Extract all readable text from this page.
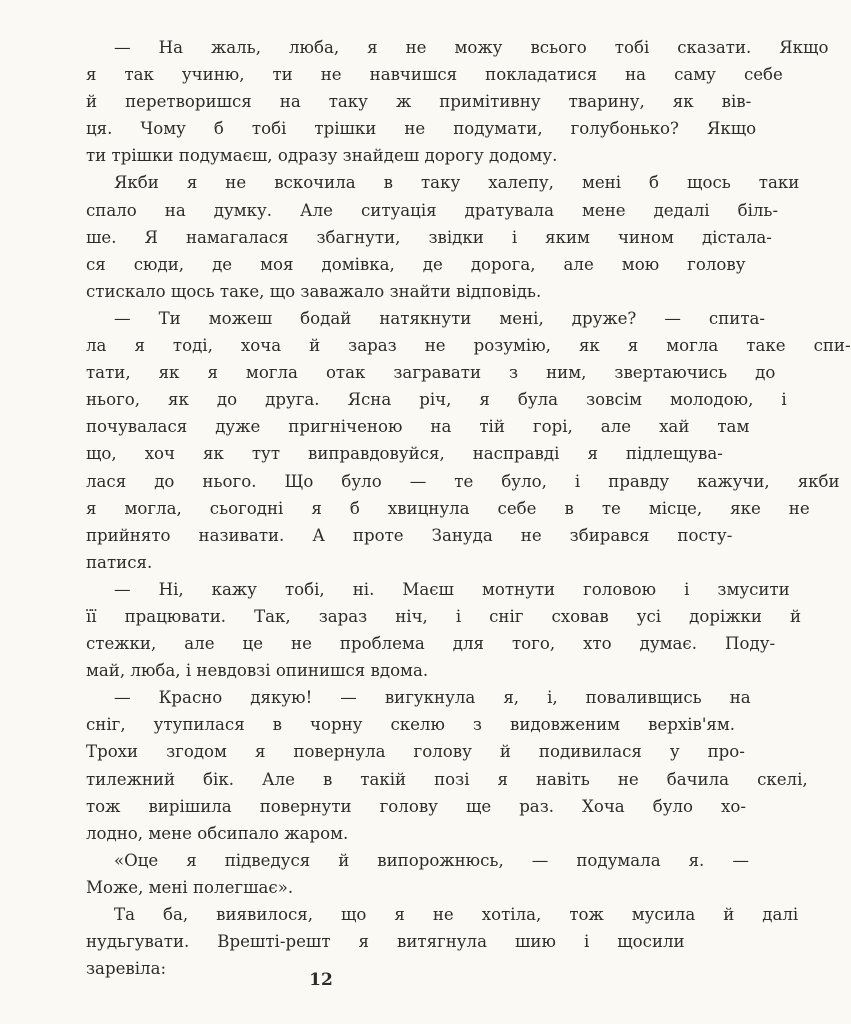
—	На	жаль,	люба,	я	не	можу	всього	тобі	сказати.	Якщо
я	так	учиню,	ти	не	навчишся	покладатися	на	саму	себе
й	перетворишся	на	таку	ж	примітивну	тварину,	як	вів-
ця.	Чому	б	тобі	трішки	не	подумати,	голубонько?	Якщо
ти трішки подумаєш, одразу знайдеш дорогу додому.
Якби	я	не	вскочила	в	таку	халепу,	мені	б	щось	таки
спало	на	думку.	Але	ситуація	дратувала	мене	дедалі	біль-
ше.	Я	намагалася	збагнути,	звідки	і	яким	чином	дістала-
ся	сюди,	де	моя	домівка,	де	дорога,	але	мою	голову
стискало щось таке, що заважало знайти відповідь.
—	Ти	можеш	бодай	натякнути	мені,	друже?	—	спита-
ла	я	тоді,	хоча	й	зараз	не	розумію,	як	я	могла	таке	спи-
тати,	як	я	могла	отак	загравати	з	ним,	звертаючись	до
нього,	як	до	друга.	Ясна	річ,	я	була	зовсім	молодою,	і
почувалася	дуже	пригніченою	на	тій	горі,	але	хай	там
що,	хоч	як	тут	виправдовуйся,	насправді	я	підлещува-
лася	до	нього.	Що	було	—	те	було,	і	правду	кажучи,	якби
я	могла,	сьогодні	я	б	хвицнула	себе	в	те	місце,	яке	не
прийнято	називати.	А	проте	Зануда	не	збирався	посту-
патися.
—	Ні,	кажу	тобі,	ні.	Маєш	мотнути	головою	і	змусити
її	працювати.	Так,	зараз	ніч,	і	сніг	сховав	усі	доріжки	й
стежки,	але	це	не	проблема	для	того,	хто	думає.	Поду-
май, люба, і невдовзі опинишся вдома.
—	Красно	дякую!	—	вигукнула	я,	і,	поваливщись	на
сніг,	утупилася	в	чорну	скелю	з	видовженим	верхів'ям.
Трохи	згодом	я	повернула	голову	й	подивилася	у	про-
тилежний	бік.	Але	в	такій	позі	я	навіть	не	бачила	скелі,
тож	вирішила	повернути	голову	ще	раз.	Хоча	було	хо-
лодно, мене обсипало жаром.
«Оце	я	підведуся	й	випорожнюсь,	—	подумала	я.	—
Може, мені полегшає».
Та	ба,	виявилося,	що	я	не	хотіла,	тож	мусила	й	далі
нудьгувати.	Врешті-решт	я	витягнула	шию	і	щосили
заревіла:
12
